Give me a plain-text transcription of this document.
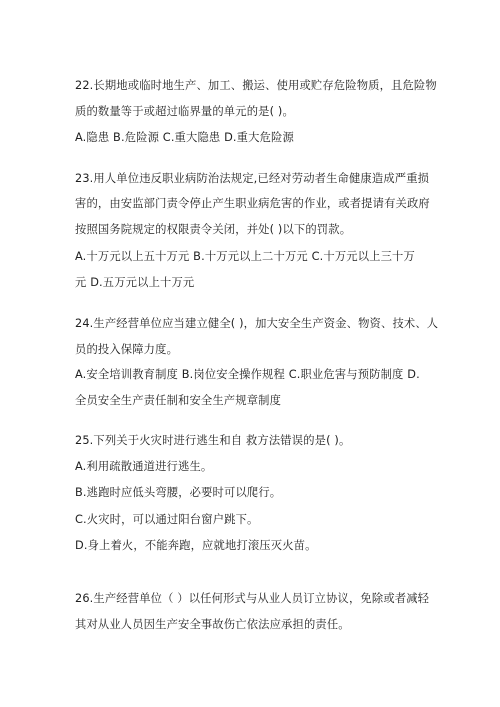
22.长期地或临时地生产、加工、搬运、使用或贮存危险物质，且危险物
质的数量等于或超过临界量的单元的是( )。
A.隐患 B.危险源 C.重大隐患 D.重大危险源
23.用人单位违反职业病防治法规定,已经对劳动者生命健康造成严重损
害的，由安监部门责令停止产生职业病危害的作业，或者提请有关政府
按照国务院规定的权限责令关闭，并处( )以下的罚款。
A.十万元以上五十万元 B.十万元以上二十万元 C.十万元以上三十万
元 D.五万元以上十万元
24.生产经营单位应当建立健全( )，加大安全生产资金、物资、技术、人
员的投入保障力度。
A.安全培训教育制度 B.岗位安全操作规程 C.职业危害与预防制度 D.
全员安全生产责任制和安全生产规章制度
25.下列关于火灾时进行逃生和自 救方法错误的是( )。
A.利用疏散通道进行逃生。
B.逃跑时应低头弯腰，必要时可以爬行。
C.火灾时，可以通过阳台窗户跳下。
D.身上着火，不能奔跑，应就地打滚压灭火苗。
26.生产经营单位（ ）以任何形式与从业人员订立协议，免除或者减轻
其对从业人员因生产安全事故伤亡依法应承担的责任。
